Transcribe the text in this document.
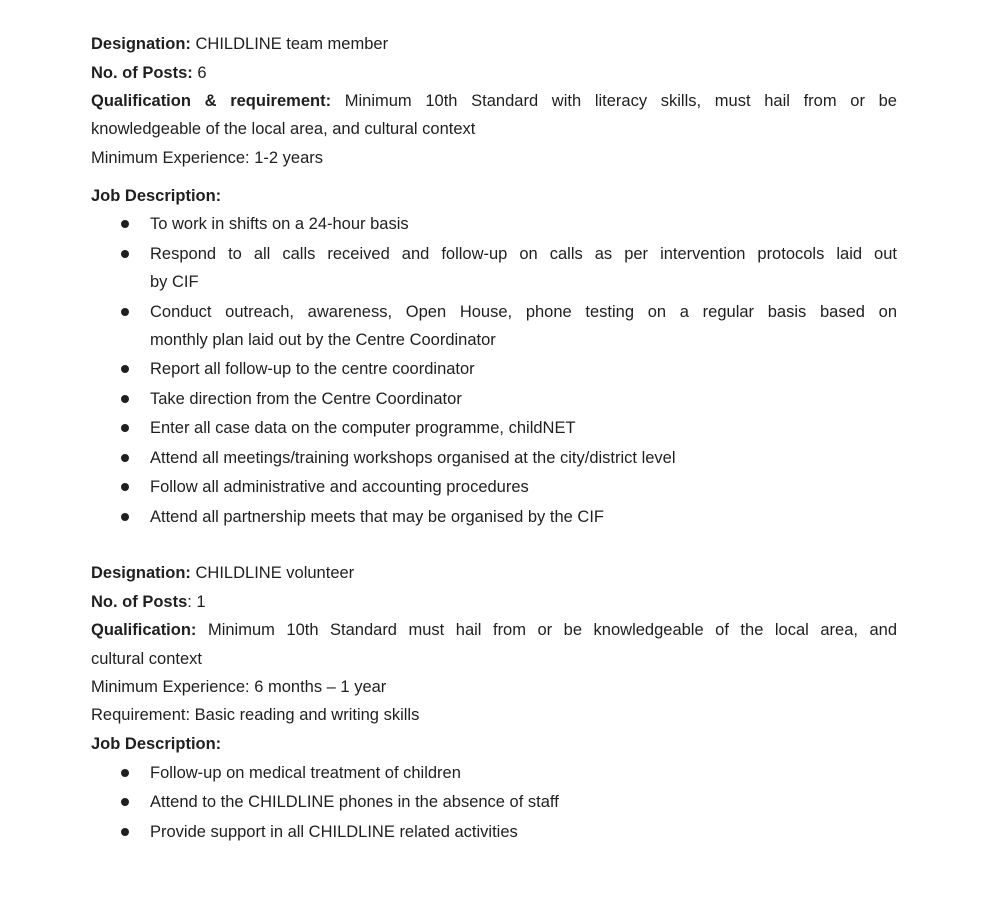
Designation: CHILDLINE team member
No. of Posts: 6
Qualification & requirement: Minimum 10th Standard with literacy skills, must hail from or be
knowledgeable of the local area, and cultural context
Minimum Experience: 1-2 years
Job Description:
To work in shifts on a 24-hour basis
Respond to all calls received and follow-up on calls as per intervention protocols laid out
by CIF
Conduct outreach, awareness, Open House, phone testing on a regular basis based on
monthly plan laid out by the Centre Coordinator
Report all follow-up to the centre coordinator
Take direction from the Centre Coordinator
Enter all case data on the computer programme, childNET
Attend all meetings/training workshops organised at the city/district level
Follow all administrative and accounting procedures
Attend all partnership meets that may be organised by the CIF
Designation: CHILDLINE volunteer
No. of Posts: 1
Qualification: Minimum 10th Standard must hail from or be knowledgeable of the local area, and
cultural context
Minimum Experience: 6 months – 1 year
Requirement: Basic reading and writing skills
Job Description:
Follow-up on medical treatment of children
Attend to the CHILDLINE phones in the absence of staff
Provide support in all CHILDLINE related activities
